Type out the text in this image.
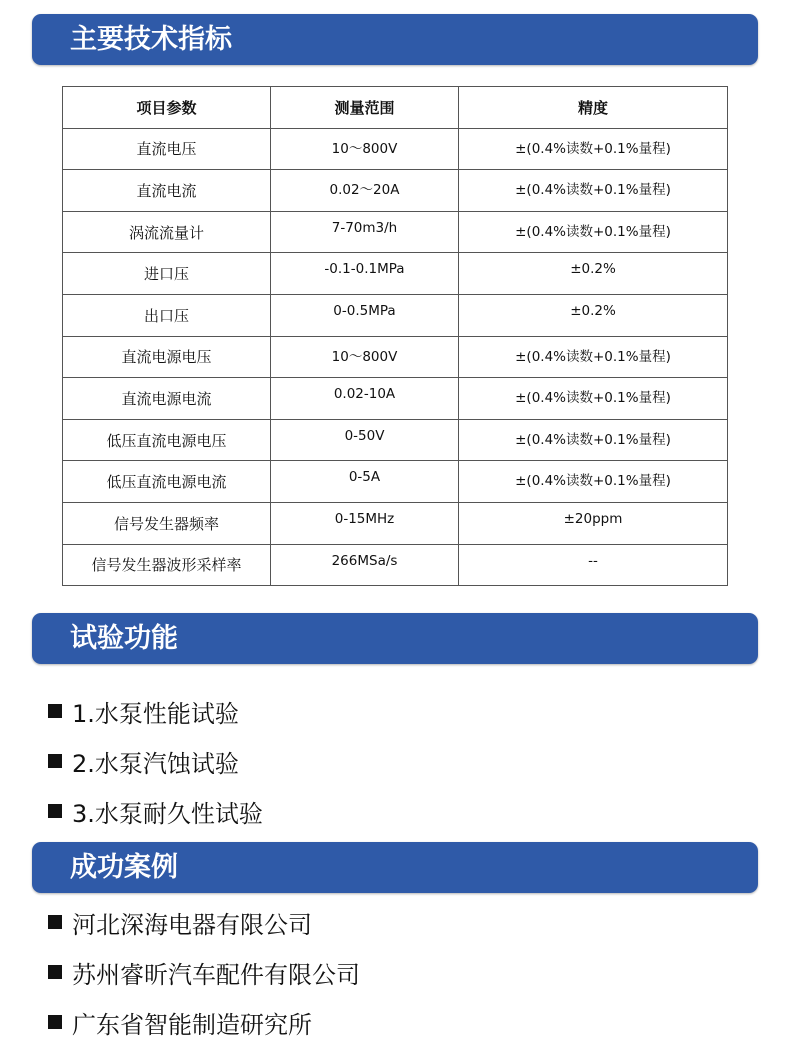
主要技术指标
项目参数	测量范围	精度
直流电压	10～800V	±(0.4%读数+0.1%量程)
直流电流	0.02～20A	±(0.4%读数+0.1%量程)
涡流流量计	7-70m3/h	±(0.4%读数+0.1%量程)
进口压	-0.1-0.1MPa	±0.2%
出口压	0-0.5MPa	±0.2%
直流电源电压	10～800V	±(0.4%读数+0.1%量程)
直流电源电流	0.02-10A	±(0.4%读数+0.1%量程)
低压直流电源电压	0-50V	±(0.4%读数+0.1%量程)
低压直流电源电流	0-5A	±(0.4%读数+0.1%量程)
信号发生器频率	0-15MHz	±20ppm
信号发生器波形采样率	266MSa/s	--
试验功能
1.水泵性能试验
2.水泵汽蚀试验
3.水泵耐久性试验
成功案例
河北深海电器有限公司
苏州睿昕汽车配件有限公司
广东省智能制造研究所
